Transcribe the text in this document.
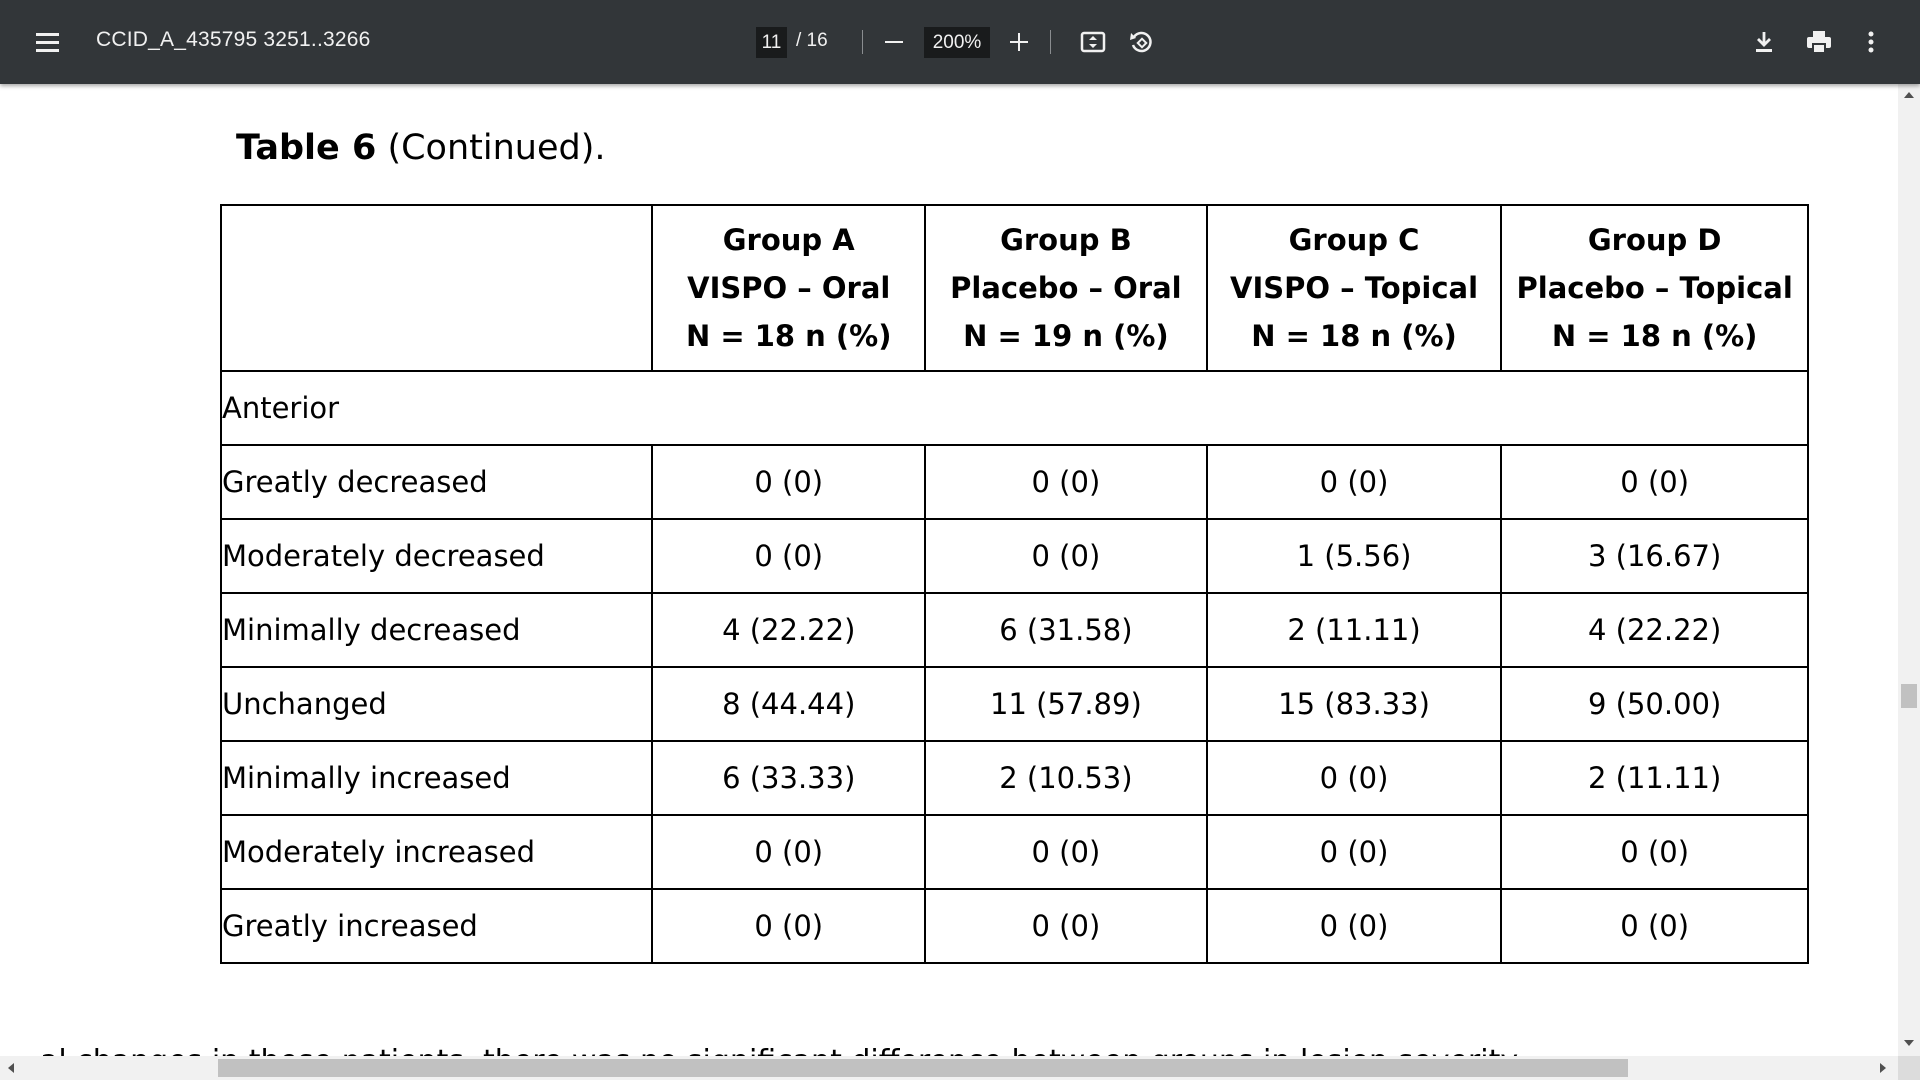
CCID_A_435795 3251..3266	11 / 16	200%
Table 6 (Continued).

	Group A
VISPO – Oral
N = 18 n (%)	Group B
Placebo – Oral
N = 19 n (%)	Group C
VISPO – Topical
N = 18 n (%)	Group D
Placebo – Topical
N = 18 n (%)

Anterior				
Greatly decreased	0 (0)	0 (0)	0 (0)	0 (0)
Moderately decreased	0 (0)	0 (0)	1 (5.56)	3 (16.67)
Minimally decreased	4 (22.22)	6 (31.58)	2 (11.11)	4 (22.22)
Unchanged	8 (44.44)	11 (57.89)	15 (83.33)	9 (50.00)
Minimally increased	6 (33.33)	2 (10.53)	0 (0)	2 (11.11)
Moderately increased	0 (0)	0 (0)	0 (0)	0 (0)
Greatly increased	0 (0)	0 (0)	0 (0)	0 (0)
